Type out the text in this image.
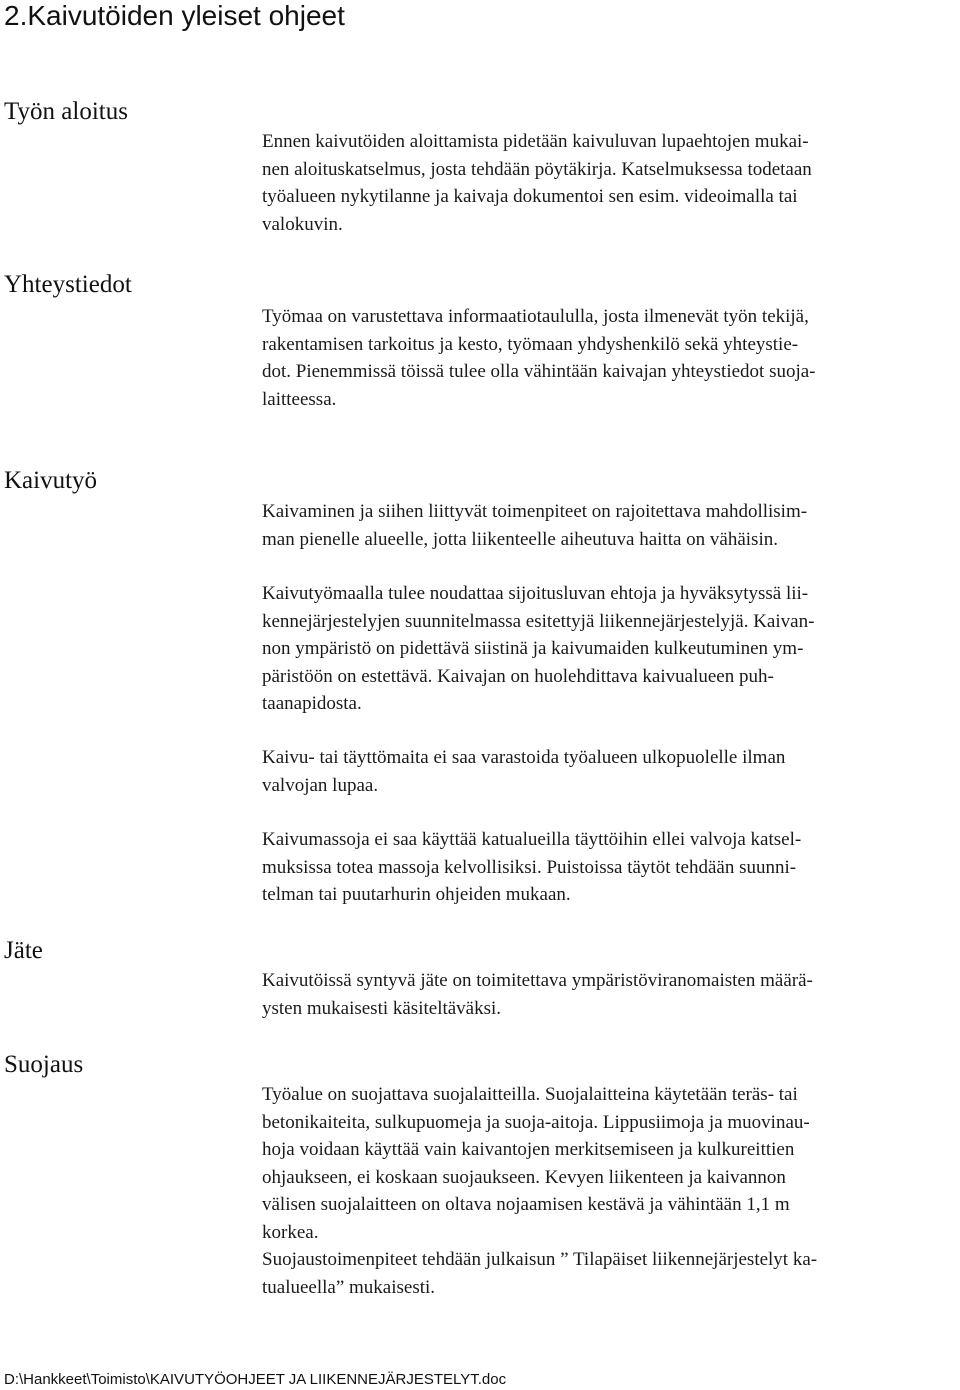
2.Kaivutöiden yleiset ohjeet
Työn aloitus
Yhteystiedot
Kaivutyö
Jäte
Suojaus

Ennen kaivutöiden aloittamista pidetään kaivuluvan lupaehtojen mukai-
nen aloituskatselmus, josta tehdään pöytäkirja. Katselmuksessa todetaan
työalueen nykytilanne ja kaivaja dokumentoi sen esim. videoimalla tai
valokuvin.

Työmaa on varustettava informaatiotaululla, josta ilmenevät työn tekijä,
rakentamisen tarkoitus ja kesto, työmaan yhdyshenkilö sekä yhteystie-
dot. Pienemmissä töissä tulee olla vähintään kaivajan yhteystiedot suoja-
laitteessa.

Kaivaminen ja siihen liittyvät toimenpiteet on rajoitettava mahdollisim-
man pienelle alueelle, jotta liikenteelle aiheutuva haitta on vähäisin.

Kaivutyömaalla tulee noudattaa sijoitusluvan ehtoja ja hyväksytyssä lii-
kennejärjestelyjen suunnitelmassa esitettyjä liikennejärjestelyjä. Kaivan-
non ympäristö on pidettävä siistinä ja kaivumaiden kulkeutuminen ym-
päristöön on estettävä. Kaivajan on huolehdittava kaivualueen puh-
taanapidosta.

Kaivu- tai täyttömaita ei saa varastoida työalueen ulkopuolelle ilman
valvojan lupaa.

Kaivumassoja ei saa käyttää katualueilla täyttöihin ellei valvoja katsel-
muksissa totea massoja kelvollisiksi. Puistoissa täytöt tehdään suunni-
telman tai puutarhurin ohjeiden mukaan.

Kaivutöissä syntyvä jäte on toimitettava ympäristöviranomaisten määrä-
ysten mukaisesti käsiteltäväksi.

Työalue on suojattava suojalaitteilla. Suojalaitteina käytetään teräs- tai
betonikaiteita, sulkupuomeja ja suoja-aitoja. Lippusiimoja ja muovinau-
hoja voidaan käyttää vain kaivantojen merkitsemiseen ja kulkureittien
ohjaukseen, ei koskaan suojaukseen. Kevyen liikenteen ja kaivannon
välisen suojalaitteen on oltava nojaamisen kestävä ja vähintään 1,1 m
korkea.
Suojaustoimenpiteet tehdään julkaisun ” Tilapäiset liikennejärjestelyt ka-
tualueella” mukaisesti.

D:\Hankkeet\Toimisto\KAIVUTYÖOHJEET JA LIIKENNEJÄRJESTELYT.doc
